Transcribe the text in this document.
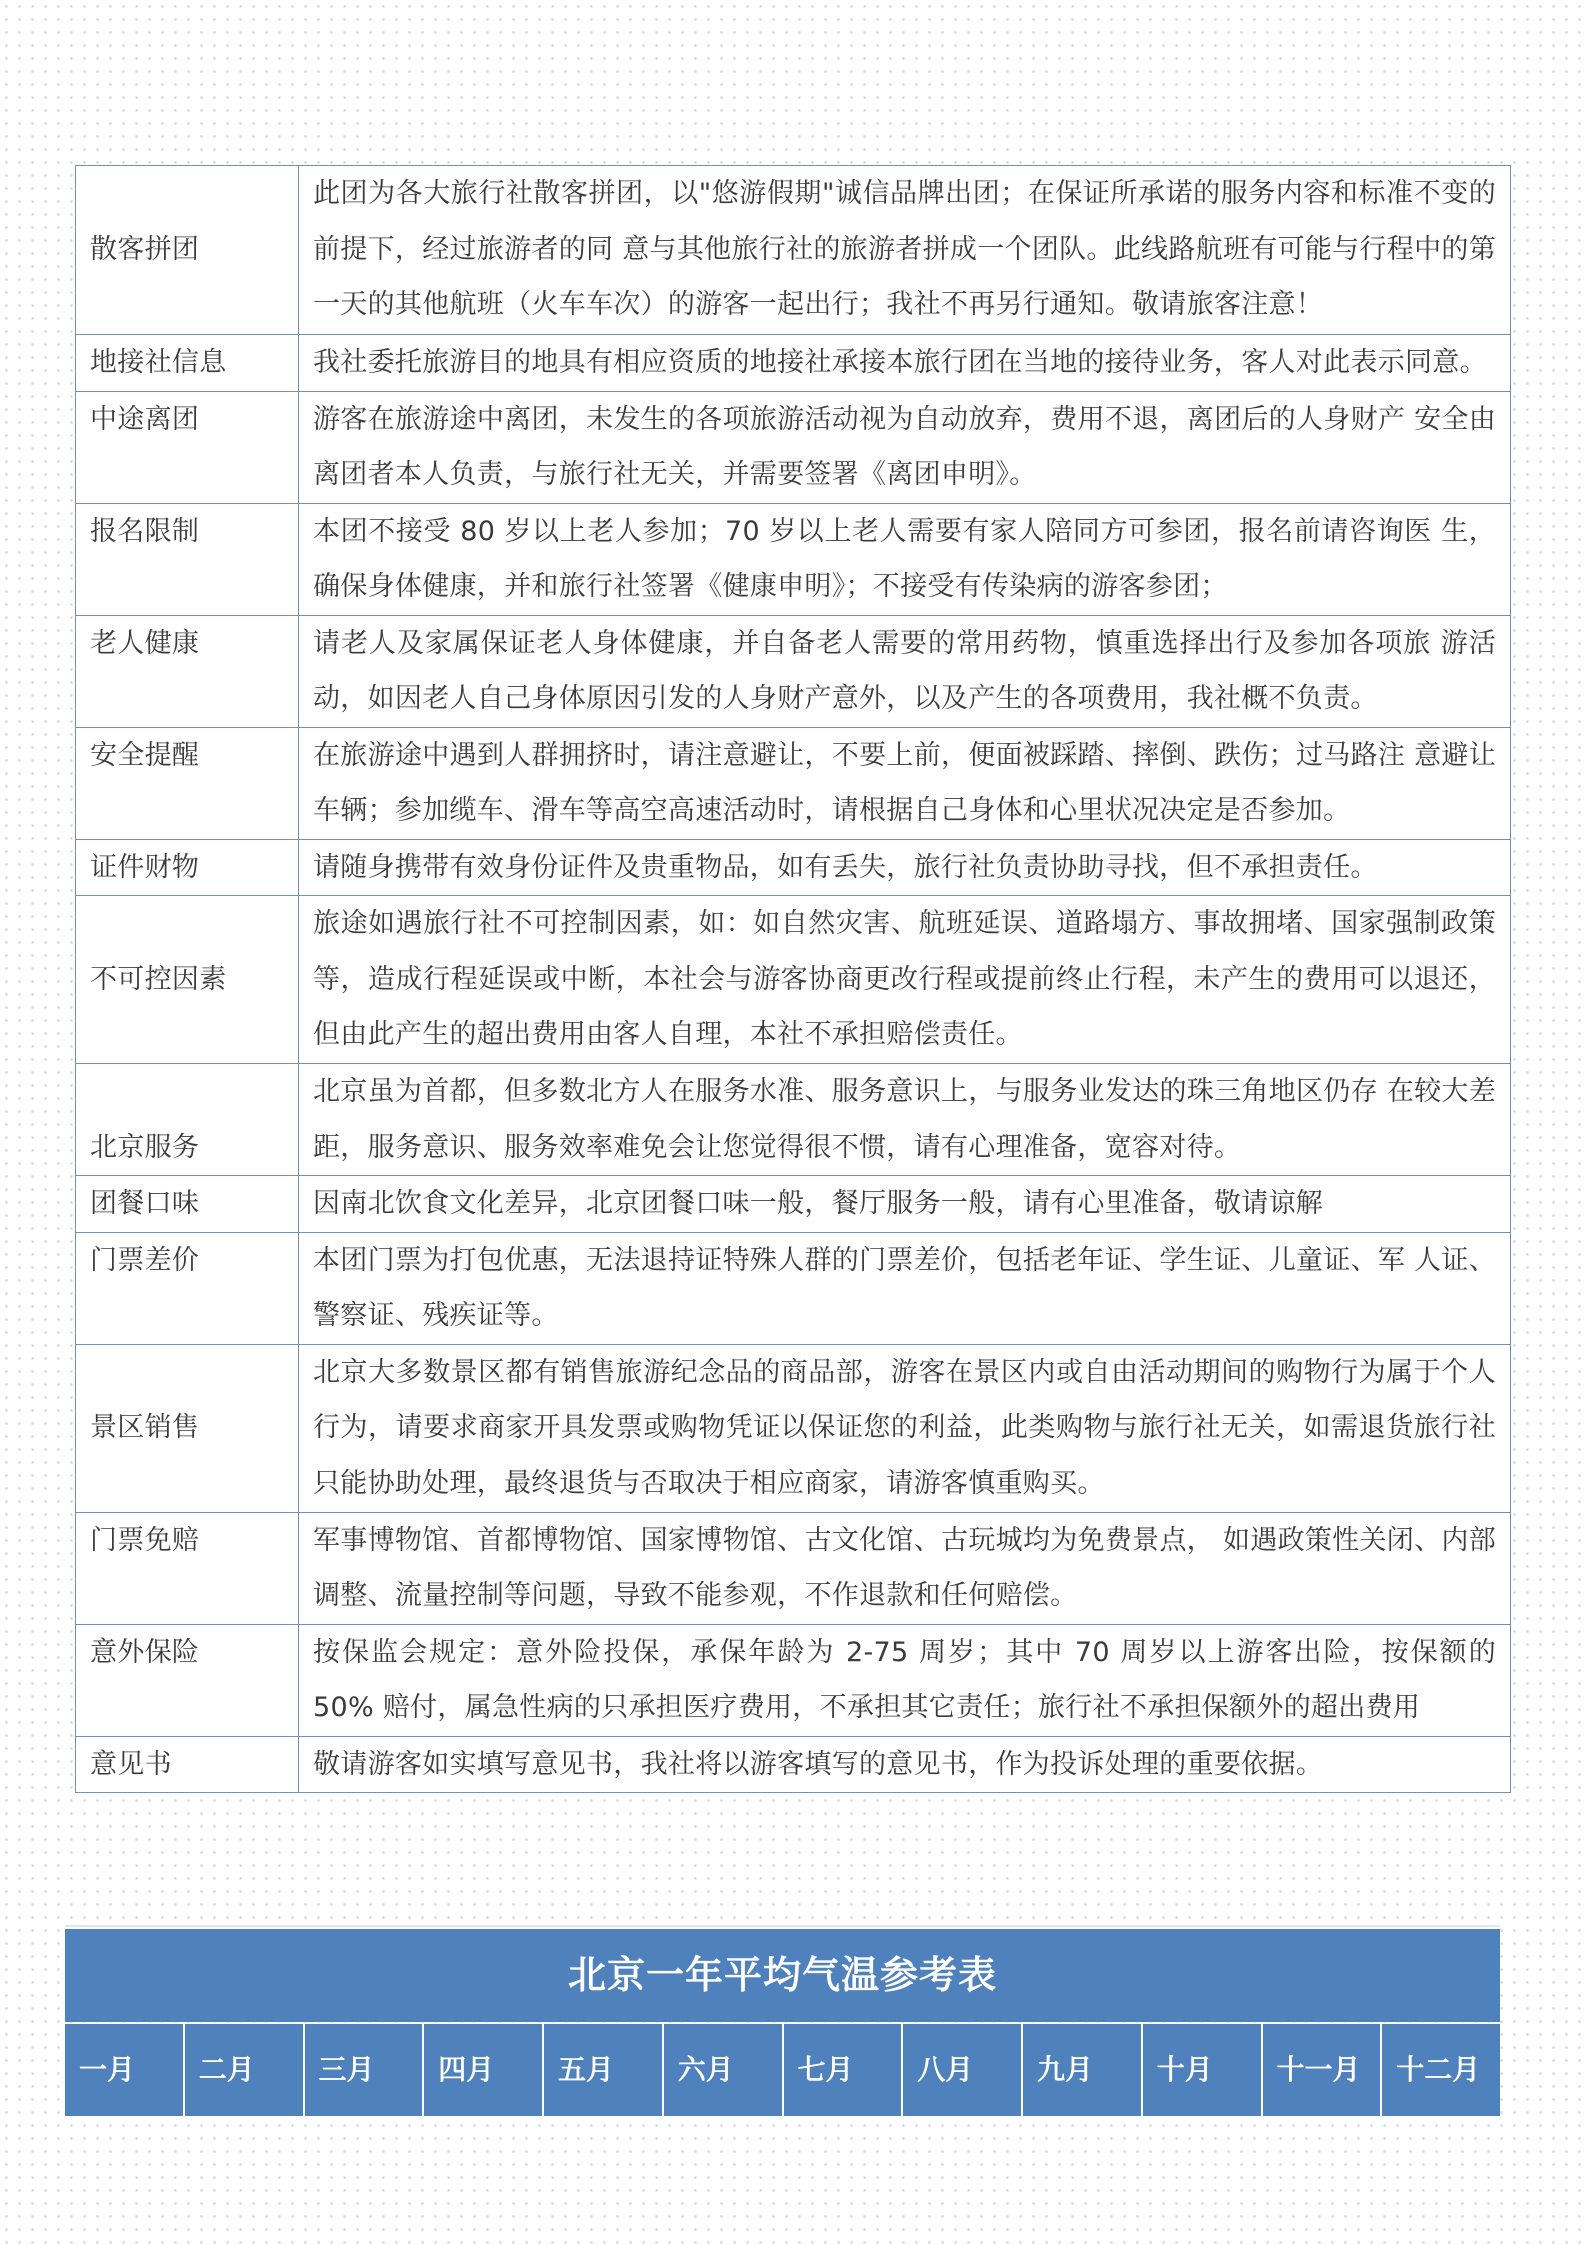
散客拼团	此团为各大旅行社散客拼团，以"悠游假期"诚信品牌出团；在保证所承诺的服务内容和标准不变的前提下，经过旅游者的同 意与其他旅行社的旅游者拼成一个团队。此线路航班有可能与行程中的第一天的其他航班（火车车次）的游客一起出行；我社不再另行通知。敬请旅客注意！
地接社信息	我社委托旅游目的地具有相应资质的地接社承接本旅行团在当地的接待业务，客人对此表示同意。
中途离团	游客在旅游途中离团，未发生的各项旅游活动视为自动放弃，费用不退，离团后的人身财产 安全由离团者本人负责，与旅行社无关，并需要签署《离团申明》。
报名限制	本团不接受 80 岁以上老人参加；70 岁以上老人需要有家人陪同方可参团，报名前请咨询医 生，确保身体健康，并和旅行社签署《健康申明》；不接受有传染病的游客参团；
老人健康	请老人及家属保证老人身体健康，并自备老人需要的常用药物，慎重选择出行及参加各项旅 游活动，如因老人自己身体原因引发的人身财产意外，以及产生的各项费用，我社概不负责。
安全提醒	在旅游途中遇到人群拥挤时，请注意避让，不要上前，便面被踩踏、摔倒、跌伤；过马路注 意避让车辆；参加缆车、滑车等高空高速活动时，请根据自己身体和心里状况决定是否参加。
证件财物	请随身携带有效身份证件及贵重物品，如有丢失，旅行社负责协助寻找，但不承担责任。
不可控因素	旅途如遇旅行社不可控制因素，如：如自然灾害、航班延误、道路塌方、事故拥堵、国家强制政策等，造成行程延误或中断，本社会与游客协商更改行程或提前终止行程，未产生的费用可以退还，但由此产生的超出费用由客人自理，本社不承担赔偿责任。
北京服务	北京虽为首都，但多数北方人在服务水准、服务意识上，与服务业发达的珠三角地区仍存 在较大差距，服务意识、服务效率难免会让您觉得很不惯，请有心理准备，宽容对待。
团餐口味	因南北饮食文化差异，北京团餐口味一般，餐厅服务一般，请有心里准备，敬请谅解
门票差价	本团门票为打包优惠，无法退持证特殊人群的门票差价，包括老年证、学生证、儿童证、军 人证、警察证、残疾证等。
景区销售	北京大多数景区都有销售旅游纪念品的商品部，游客在景区内或自由活动期间的购物行为属于个人行为，请要求商家开具发票或购物凭证以保证您的利益，此类购物与旅行社无关，如需退货旅行社只能协助处理，最终退货与否取决于相应商家，请游客慎重购买。
门票免赔	军事博物馆、首都博物馆、国家博物馆、古文化馆、古玩城均为免费景点， 如遇政策性关闭、内部调整、流量控制等问题，导致不能参观，不作退款和任何赔偿。
意外保险	按保监会规定：意外险投保，承保年龄为 2-75 周岁；其中 70 周岁以上游客出险，按保额的 50% 赔付，属急性病的只承担医疗费用，不承担其它责任；旅行社不承担保额外的超出费用
意见书	敬请游客如实填写意见书，我社将以游客填写的意见书，作为投诉处理的重要依据。
北京一年平均气温参考表
一月	二月	三月	四月	五月	六月	七月	八月	九月	十月	十一月	十二月
